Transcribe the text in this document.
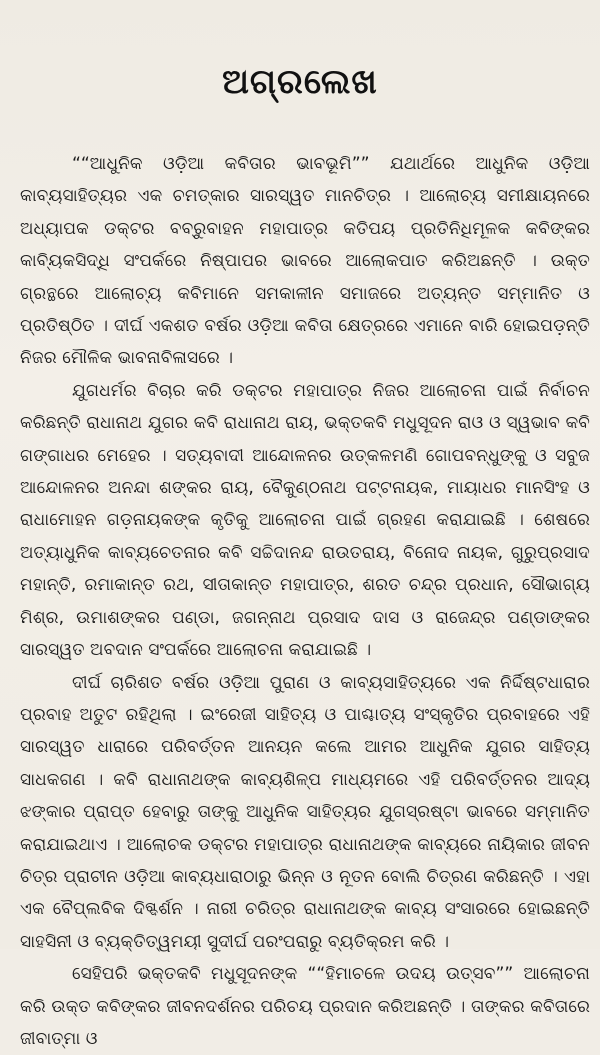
ଅଗ୍ରଲେଖ

““ଆଧୁନିକ ଓଡ଼ିଆ କବିତାର ଭାବଭୂମି”” ଯଥାର୍ଥରେ ଆଧୁନିକ ଓଡ଼ିଆ କାବ୍ୟସାହିତ୍ୟର ଏକ ଚମତ୍କାର ସାରସ୍ୱତ ମାନଚିତ୍ର । ଆଲୋଚ୍ୟ ସମୀକ୍ଷାୟନରେ ଅଧ୍ୟାପକ ଡକ୍ଟର ବବ୍ରୁବାହନ ମହାପାତ୍ର କତିପୟ ପ୍ରତିନିଧିମୂଳକ କବିଙ୍କର କାବ୍ୟିକସିଦ୍ଧି ସଂପର୍କରେ ନିଷ୍ପାପର ଭାବରେ ଆଲୋକପାତ କରିଅଛନ୍ତି । ଉକ୍ତ ଗ୍ରନ୍ଥରେ ଆଲୋଚ୍ୟ କବିମାନେ ସମକାଳୀନ ସମାଜରେ ଅତ୍ୟନ୍ତ ସମ୍ମାନିତ ଓ ପ୍ରତିଷ୍ଠିତ । ଦୀର୍ଘ ଏକଶତ ବର୍ଷର ଓଡ଼ିଆ କବିତା କ୍ଷେତ୍ରରେ ଏମାନେ ବାରି ହୋଇପଡ଼ନ୍ତି ନିଜର ମୌଳିକ ଭାବନାବିଳାସରେ ।

ଯୁଗଧର୍ମର ବିଚାର କରି ଡକ୍ଟର ମହାପାତ୍ର ନିଜର ଆଲୋଚନା ପାଇଁ ନିର୍ବାଚନ କରିଛନ୍ତି ରାଧାନାଥ ଯୁଗର କବି ରାଧାନାଥ ରାୟ, ଭକ୍ତକବି ମଧୁସୂଦନ ରାଓ ଓ ସ୍ୱଭାବ କବି ଗଙ୍ଗାଧର ମେହେର । ସତ୍ୟବାଦୀ ଆନ୍ଦୋଳନର ଉତ୍କଳମଣି ଗୋପବନ୍ଧୁଙ୍କୁ ଓ ସବୁଜ ଆନ୍ଦୋଳନର ଅନନ୍ଦା ଶଙ୍କର ରାୟ, ବୈକୁଣ୍ଠନାଥ ପଟ୍ଟନାୟକ, ମାୟାଧର ମାନସିଂହ ଓ ରାଧାମୋହନ ଗଡ଼ନାୟକଙ୍କ କୃତିକୁ ଆଲୋଚନା ପାଇଁ ଗ୍ରହଣ କରାଯାଇଛି । ଶେଷରେ ଅତ୍ୟାଧୁନିକ କାବ୍ୟଚେତନାର କବି ସଚ୍ଚିଦାନନ୍ଦ ରାଉତରାୟ, ବିନୋଦ ନାୟକ, ଗୁରୁପ୍ରସାଦ ମହାନ୍ତି, ରମାକାନ୍ତ ରଥ, ସୀତାକାନ୍ତ ମହାପାତ୍ର, ଶରତ ଚନ୍ଦ୍ର ପ୍ରଧାନ, ସୌଭାଗ୍ୟ ମିଶ୍ର, ଉମାଶଙ୍କର ପଣ୍ଡା, ଜଗନ୍ନାଥ ପ୍ରସାଦ ଦାସ ଓ ରାଜେନ୍ଦ୍ର ପଣ୍ଡାଙ୍କର ସାରସ୍ୱତ ଅବଦାନ ସଂପର୍କରେ ଆଲୋଚନା କରାଯାଇଛି ।

ଦୀର୍ଘ ଚାରିଶତ ବର୍ଷର ଓଡ଼ିଆ ପୁରାଣ ଓ କାବ୍ୟସାହିତ୍ୟରେ ଏକ ନିର୍ଦ୍ଦିଷ୍ଟଧାରାର ପ୍ରବାହ ଅତୁଟ ରହିଥିଲା । ଇଂରେଜୀ ସାହିତ୍ୟ ଓ ପାଶ୍ଚାତ୍ୟ ସଂସ୍କୃତିର ପ୍ରବାହରେ ଏହି ସାରସ୍ୱତ ଧାରାରେ ପରିବର୍ତ୍ତନ ଆନୟନ କଲେ ଆମର ଆଧୁନିକ ଯୁଗର ସାହିତ୍ୟ ସାଧକଗଣ । କବି ରାଧାନାଥଙ୍କ କାବ୍ୟଶିଳ୍ପ ମାଧ୍ୟମରେ ଏହି ପରିବର୍ତ୍ତନର ଆଦ୍ୟ ଝଙ୍କାର ପ୍ରାପ୍ତ ହେବାରୁ ତାଙ୍କୁ ଆଧୁନିକ ସାହିତ୍ୟର ଯୁଗସ୍ରଷ୍ଟା ଭାବରେ ସମ୍ମାନିତ କରାଯାଇଥାଏ । ଆଲୋଚକ ଡକ୍ଟର ମହାପାତ୍ର ରାଧାନାଥଙ୍କ କାବ୍ୟରେ ନାୟିକାର ଜୀବନ ଚିତ୍ର ପ୍ରାଚୀନ ଓଡ଼ିଆ କାବ୍ୟଧାରାଠାରୁ ଭିନ୍ନ ଓ ନୂତନ ବୋଲି ଚିତ୍ରଣ କରିଛନ୍ତି । ଏହା ଏକ ବୈପ୍ଲବିକ ଦିଗ୍ଦର୍ଶନ । ନାରୀ ଚରିତ୍ର ରାଧାନାଥଙ୍କ କାବ୍ୟ ସଂସାରରେ ହୋଇଛନ୍ତି ସାହସିନୀ ଓ ବ୍ୟକ୍ତିତ୍ୱମୟୀ ସୁଦୀର୍ଘ ପରଂପରାରୁ ବ୍ୟତିକ୍ରମ କରି ।

ସେହିପରି ଭକ୍ତକବି ମଧୁସୂଦନଙ୍କ ““ହିମାଚଳେ ଉଦୟ ଉତ୍ସବ”” ଆଲୋଚନା କରି ଉକ୍ତ କବିଙ୍କର ଜୀବନଦର୍ଶନର ପରିଚୟ ପ୍ରଦାନ କରିଅଛନ୍ତି । ତାଙ୍କର କବିତାରେ ଜୀବାତ୍ମା ଓ
